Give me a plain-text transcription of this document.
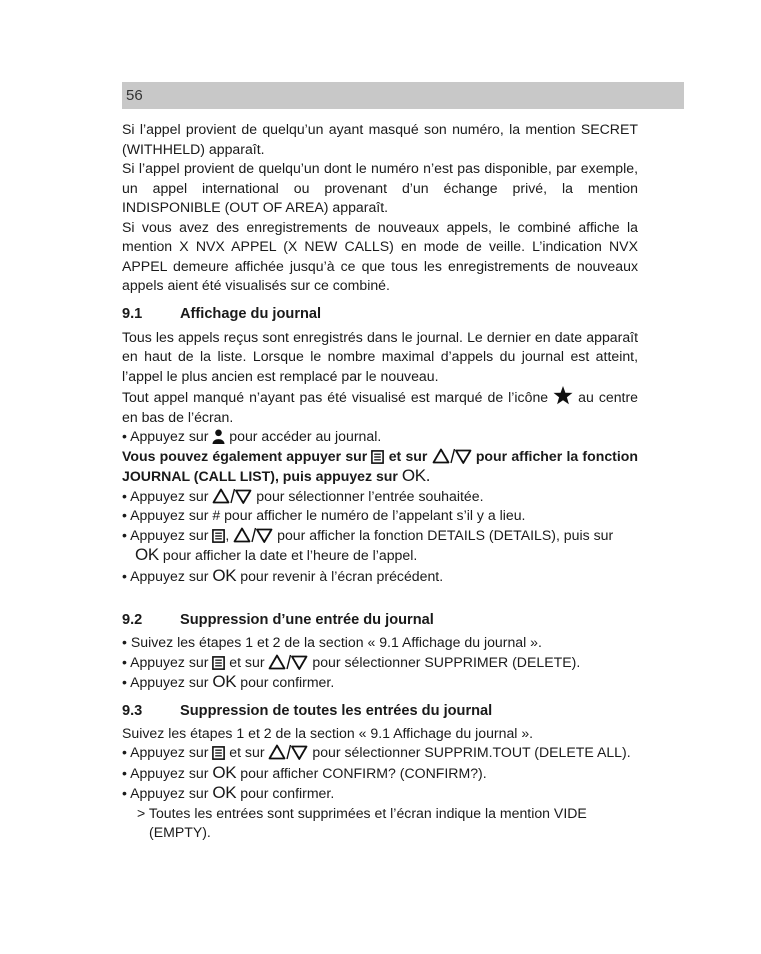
56

Si l’appel provient de quelqu’un ayant masqué son numéro, la mention SECRET (WITHHELD) apparaît.

Si l’appel provient de quelqu’un dont le numéro n’est pas disponible, par exemple, un appel international ou provenant d’un échange privé, la mention INDISPONIBLE (OUT OF AREA) apparaît.

Si vous avez des enregistrements de nouveaux appels, le combiné affiche la mention X NVX APPEL (X NEW CALLS) en mode de veille. L’indication NVX APPEL demeure affichée jusqu’à ce que tous les enregistrements de nouveaux appels aient été visualisés sur ce combiné.

9.1	Affichage du journal

Tous les appels reçus sont enregistrés dans le journal. Le dernier en date apparaît en haut de la liste. Lorsque le nombre maximal d’appels du journal est atteint, l’appel le plus ancien est remplacé par le nouveau.

Tout appel manqué n’ayant pas été visualisé est marqué de l’icône au centre en bas de l’écran.

• Appuyez sur pour accéder au journal.

Vous pouvez également appuyer sur et sur	pour afficher la fonction JOURNAL (CALL LIST), puis appuyez sur OK.

• Appuyez sur	pour sélectionner l’entrée souhaitée.

• Appuyez sur # pour afficher le numéro de l’appelant s’il y a lieu.

• Appuyez sur ,	pour afficher la fonction DETAILS (DETAILS), puis sur OK pour afficher la date et l’heure de l’appel.

• Appuyez sur OK pour revenir à l’écran précédent.

9.2	Suppression d’une entrée du journal

• Suivez les étapes 1 et 2 de la section « 9.1 Affichage du journal ».

• Appuyez sur et sur	pour sélectionner SUPPRIMER (DELETE).

• Appuyez sur OK pour confirmer.

9.3	Suppression de toutes les entrées du journal

Suivez les étapes 1 et 2 de la section « 9.1 Affichage du journal ».

• Appuyez sur et sur	pour sélectionner SUPPRIM.TOUT (DELETE ALL).

• Appuyez sur OK pour afficher CONFIRM? (CONFIRM?).

• Appuyez sur OK pour confirmer.

> Toutes les entrées sont supprimées et l’écran indique la mention VIDE (EMPTY).
